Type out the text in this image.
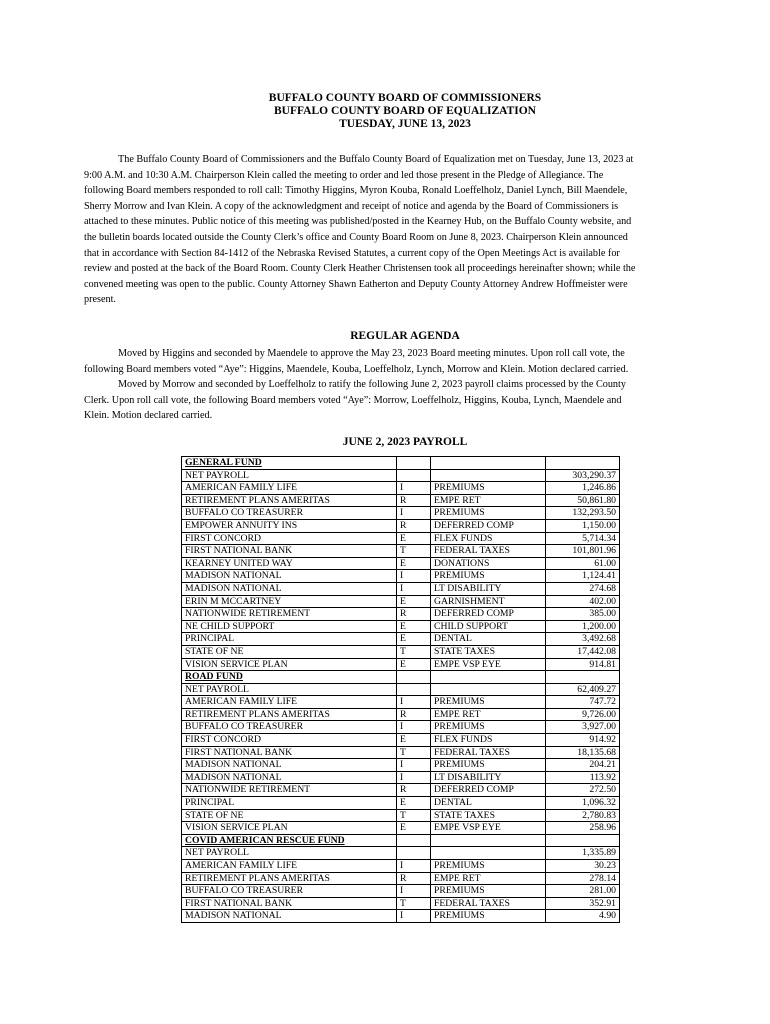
BUFFALO COUNTY BOARD OF COMMISSIONERS
BUFFALO COUNTY BOARD OF EQUALIZATION
TUESDAY, JUNE 13, 2023
The Buffalo County Board of Commissioners and the Buffalo County Board of Equalization met on Tuesday, June 13, 2023 at
9:00 A.M. and 10:30 A.M. Chairperson Klein called the meeting to order and led those present in the Pledge of Allegiance. The
following Board members responded to roll call: Timothy Higgins, Myron Kouba, Ronald Loeffelholz, Daniel Lynch, Bill Maendele,
Sherry Morrow and Ivan Klein. A copy of the acknowledgment and receipt of notice and agenda by the Board of Commissioners is
attached to these minutes. Public notice of this meeting was published/posted in the Kearney Hub, on the Buffalo County website, and
the bulletin boards located outside the County Clerk’s office and County Board Room on June 8, 2023. Chairperson Klein announced
that in accordance with Section 84-1412 of the Nebraska Revised Statutes, a current copy of the Open Meetings Act is available for
review and posted at the back of the Board Room. County Clerk Heather Christensen took all proceedings hereinafter shown; while the
convened meeting was open to the public. County Attorney Shawn Eatherton and Deputy County Attorney Andrew Hoffmeister were
present.
REGULAR AGENDA
Moved by Higgins and seconded by Maendele to approve the May 23, 2023 Board meeting minutes. Upon roll call vote, the
following Board members voted “Aye”: Higgins, Maendele, Kouba, Loeffelholz, Lynch, Morrow and Klein. Motion declared carried.
Moved by Morrow and seconded by Loeffelholz to ratify the following June 2, 2023 payroll claims processed by the County
Clerk. Upon roll call vote, the following Board members voted “Aye”: Morrow, Loeffelholz, Higgins, Kouba, Lynch, Maendele and
Klein. Motion declared carried.
JUNE 2, 2023 PAYROLL
GENERAL FUND			
NET PAYROLL			303,290.37
AMERICAN FAMILY LIFE	I	PREMIUMS	1,246.86
RETIREMENT PLANS AMERITAS	R	EMPE RET	50,861.80
BUFFALO CO TREASURER	I	PREMIUMS	132,293.50
EMPOWER ANNUITY INS	R	DEFERRED COMP	1,150.00
FIRST CONCORD	E	FLEX FUNDS	5,714.34
FIRST NATIONAL BANK	T	FEDERAL TAXES	101,801.96
KEARNEY UNITED WAY	E	DONATIONS	61.00
MADISON NATIONAL	I	PREMIUMS	1,124.41
MADISON NATIONAL	I	LT DISABILITY	274.68
ERIN M MCCARTNEY	E	GARNISHMENT	402.00
NATIONWIDE RETIREMENT	R	DEFERRED COMP	385.00
NE CHILD SUPPORT	E	CHILD SUPPORT	1,200.00
PRINCIPAL	E	DENTAL	3,492.68
STATE OF NE	T	STATE TAXES	17,442.08
VISION SERVICE PLAN	E	EMPE VSP EYE	914.81
ROAD FUND			
NET PAYROLL			62,409.27
AMERICAN FAMILY LIFE	I	PREMIUMS	747.72
RETIREMENT PLANS AMERITAS	R	EMPE RET	9,726.00
BUFFALO CO TREASURER	I	PREMIUMS	3,927.00
FIRST CONCORD	E	FLEX FUNDS	914.92
FIRST NATIONAL BANK	T	FEDERAL TAXES	18,135.68
MADISON NATIONAL	I	PREMIUMS	204.21
MADISON NATIONAL	I	LT DISABILITY	113.92
NATIONWIDE RETIREMENT	R	DEFERRED COMP	272.50
PRINCIPAL	E	DENTAL	1,096.32
STATE OF NE	T	STATE TAXES	2,780.83
VISION SERVICE PLAN	E	EMPE VSP EYE	258.96
COVID AMERICAN RESCUE FUND			
NET PAYROLL			1,335.89
AMERICAN FAMILY LIFE	I	PREMIUMS	30.23
RETIREMENT PLANS AMERITAS	R	EMPE RET	278.14
BUFFALO CO TREASURER	I	PREMIUMS	281.00
FIRST NATIONAL BANK	T	FEDERAL TAXES	352.91
MADISON NATIONAL	I	PREMIUMS	4.90
